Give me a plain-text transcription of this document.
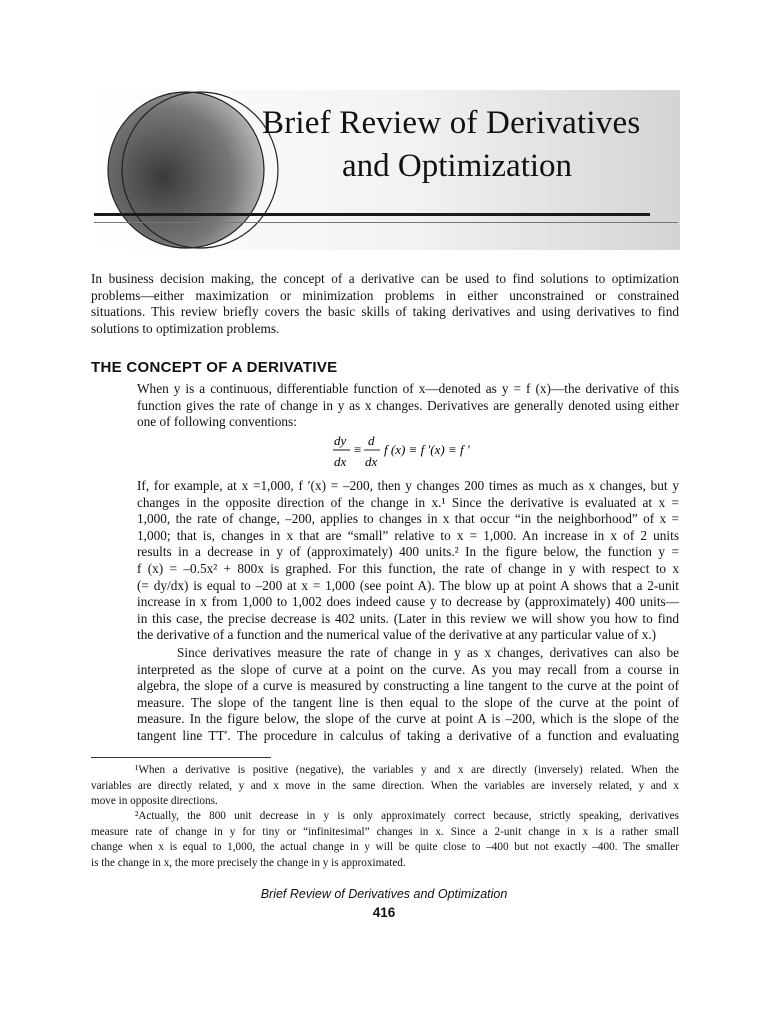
Brief Review of Derivatives
and Optimization
In business decision making, the concept of a derivative can be used to find solutions to optimization
problems—either maximization or minimization problems in either unconstrained or constrained
situations. This review briefly covers the basic skills of taking derivatives and using derivatives to find
solutions to optimization problems.
THE CONCEPT OF A DERIVATIVE
When y is a continuous, differentiable function of x—denoted as y = f (x)—the derivative of this
function gives the rate of change in y as x changes. Derivatives are generally denoted using either
one of following conventions:
dy
dx
≡
d
dx
f (x) ≡ f ′(x) ≡ f ′
If, for example, at x =1,000, f ′(x) = –200, then y changes 200 times as much as x changes, but y
changes in the opposite direction of the change in x.¹ Since the derivative is evaluated at x =
1,000, the rate of change, –200, applies to changes in x that occur “in the neighborhood” of x =
1,000; that is, changes in x that are “small” relative to x = 1,000. An increase in x of 2 units
results in a decrease in y of (approximately) 400 units.² In the figure below, the function y =
f (x) = –0.5x² + 800x is graphed. For this function, the rate of change in y with respect to x
(= dy/dx) is equal to –200 at x = 1,000 (see point A). The blow up at point A shows that a 2-unit
increase in x from 1,000 to 1,002 does indeed cause y to decrease by (approximately) 400 units—
in this case, the precise decrease is 402 units. (Later in this review we will show you how to find
the derivative of a function and the numerical value of the derivative at any particular value of x.)
Since derivatives measure the rate of change in y as x changes, derivatives can also be
interpreted as the slope of curve at a point on the curve. As you may recall from a course in
algebra, the slope of a curve is measured by constructing a line tangent to the curve at the point of
measure. The slope of the tangent line is then equal to the slope of the curve at the point of
measure. In the figure below, the slope of the curve at point A is –200, which is the slope of the
tangent line TT′. The procedure in calculus of taking a derivative of a function and evaluating
¹When a derivative is positive (negative), the variables y and x are directly (inversely) related. When the
variables are directly related, y and x move in the same direction. When the variables are inversely related, y and x
move in opposite directions.
²Actually, the 800 unit decrease in y is only approximately correct because, strictly speaking, derivatives
measure rate of change in y for tiny or “infinitesimal” changes in x. Since a 2-unit change in x is a rather small
change when x is equal to 1,000, the actual change in y will be quite close to –400 but not exactly –400. The smaller
is the change in x, the more precisely the change in y is approximated.
Brief Review of Derivatives and Optimization
416
